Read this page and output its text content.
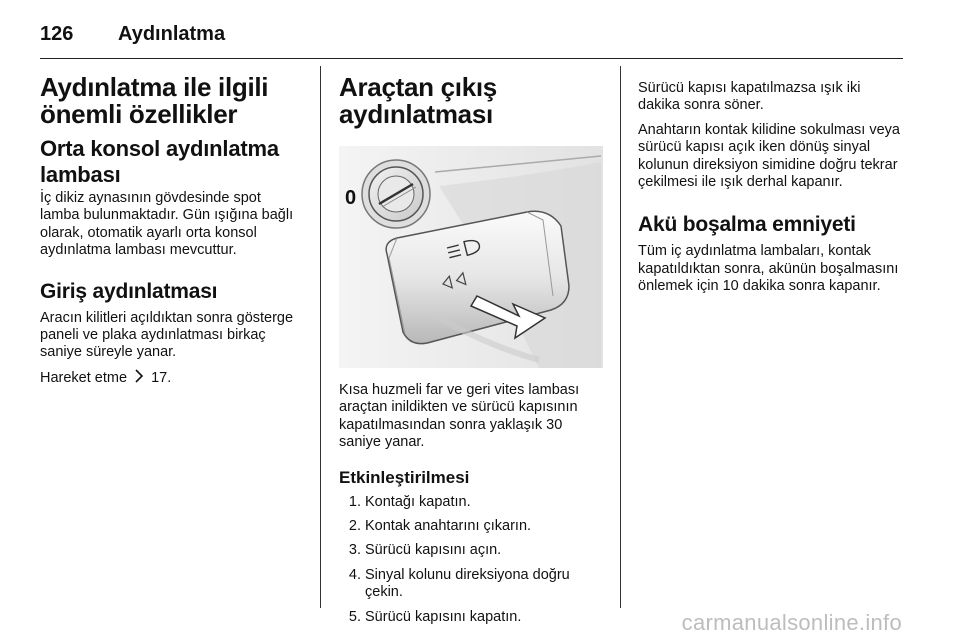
126	Aydınlatma
Aydınlatma ile ilgili önemli özellikler
Orta konsol aydınlatma lambası

İç dikiz aynasının gövdesinde spot lamba bulunmaktadır. Gün ışığına bağlı olarak, otomatik ayarlı orta konsol aydınlatma lambası mevcuttur.

Giriş aydınlatması

Aracın kilitleri açıldıktan sonra gösterge paneli ve plaka aydınlatması birkaç saniye süreyle yanar.

Hareket etme 17.

Araçtan çıkış aydınlatması
0

Kısa huzmeli far ve geri vites lambası araçtan inildikten ve sürücü kapısının kapatılmasından sonra yaklaşık 30 saniye yanar.

Etkinleştirilmesi
1. Kontağı kapatın.
2. Kontak anahtarını çıkarın.
3. Sürücü kapısını açın.
4. Sinyal kolunu direksiyona doğru çekin.
5. Sürücü kapısını kapatın.

Sürücü kapısı kapatılmazsa ışık iki dakika sonra söner.

Anahtarın kontak kilidine sokulması veya sürücü kapısı açık iken dönüş sinyal kolunun direksiyon simidine doğru tekrar çekilmesi ile ışık derhal kapanır.

Akü boşalma emniyeti

Tüm iç aydınlatma lambaları, kontak kapatıldıktan sonra, akünün boşalmasını önlemek için 10 dakika sonra kapanır.

carmanualsonline.info
